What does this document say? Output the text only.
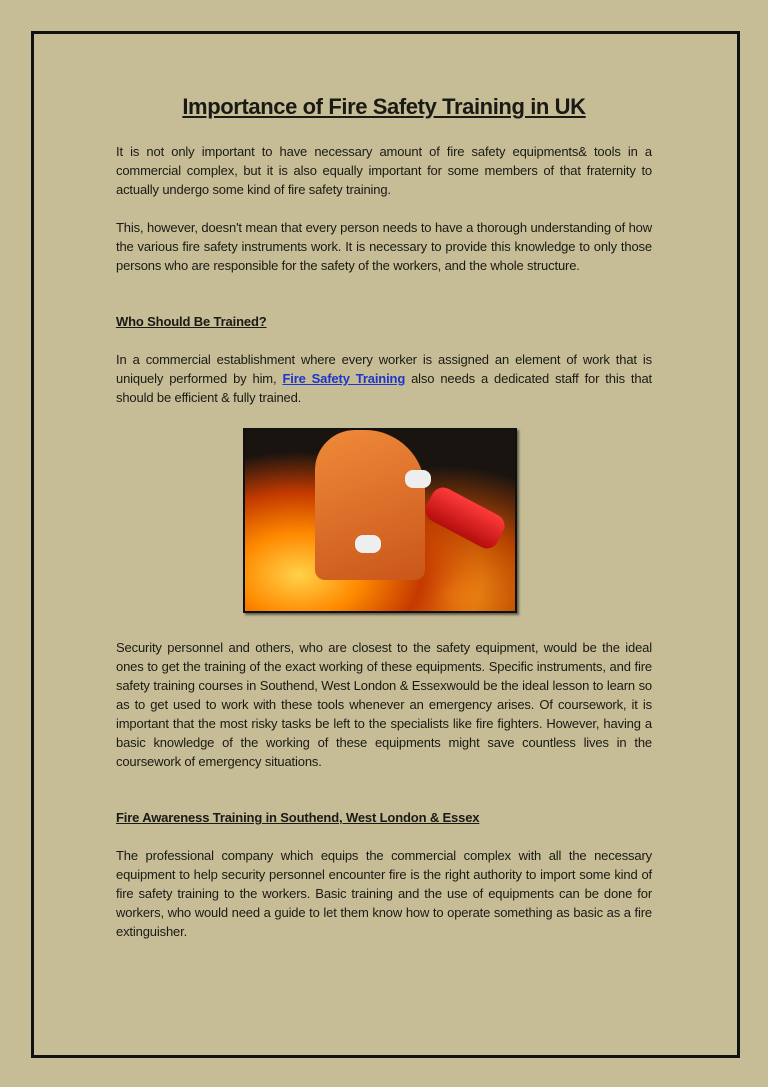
Importance of Fire Safety Training in UK
It is not only important to have necessary amount of fire safety equipments& tools in a commercial complex, but it is also equally important for some members of that fraternity to actually undergo some kind of fire safety training.
This, however, doesn't mean that every person needs to have a thorough understanding of how the various fire safety instruments work. It is necessary to provide this knowledge to only those persons who are responsible for the safety of the workers, and the whole structure.
Who Should Be Trained?
In a commercial establishment where every worker is assigned an element of work that is uniquely performed by him, Fire Safety Training also needs a dedicated staff for this that should be efficient & fully trained.
Security personnel and others, who are closest to the safety equipment, would be the ideal ones to get the training of the exact working of these equipments. Specific instruments, and fire safety training courses in Southend, West London & Essexwould be the ideal lesson to learn so as to get used to work with these tools whenever an emergency arises. Of coursework, it is important that the most risky tasks be left to the specialists like fire fighters. However, having a basic knowledge of the working of these equipments might save countless lives in the coursework of emergency situations.
Fire Awareness Training in Southend, West London & Essex
The professional company which equips the commercial complex with all the necessary equipment to help security personnel encounter fire is the right authority to import some kind of fire safety training to the workers. Basic training and the use of equipments can be done for workers, who would need a guide to let them know how to operate something as basic as a fire extinguisher.
